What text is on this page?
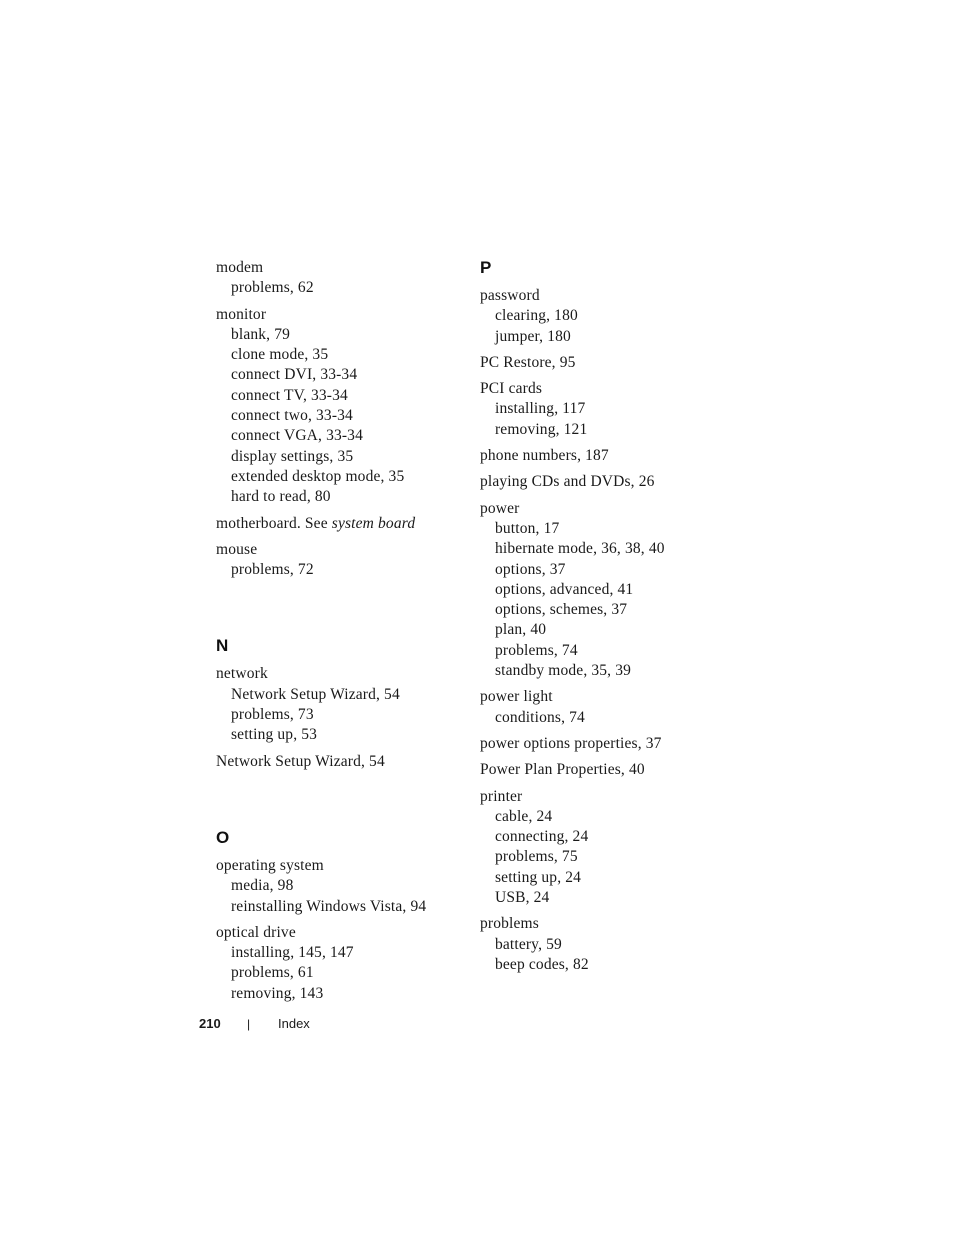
modem
problems, 62
monitor
blank, 79
clone mode, 35
connect DVI, 33-34
connect TV, 33-34
connect two, 33-34
connect VGA, 33-34
display settings, 35
extended desktop mode, 35
hard to read, 80
motherboard. See system board
mouse
problems, 72
N
network
Network Setup Wizard, 54
problems, 73
setting up, 53
Network Setup Wizard, 54
O
operating system
media, 98
reinstalling Windows Vista, 94
optical drive
installing, 145, 147
problems, 61
removing, 143
P
password
clearing, 180
jumper, 180
PC Restore, 95
PCI cards
installing, 117
removing, 121
phone numbers, 187
playing CDs and DVDs, 26
power
button, 17
hibernate mode, 36, 38, 40
options, 37
options, advanced, 41
options, schemes, 37
plan, 40
problems, 74
standby mode, 35, 39
power light
conditions, 74
power options properties, 37
Power Plan Properties, 40
printer
cable, 24
connecting, 24
problems, 75
setting up, 24
USB, 24
problems
battery, 59
beep codes, 82
210 | Index
